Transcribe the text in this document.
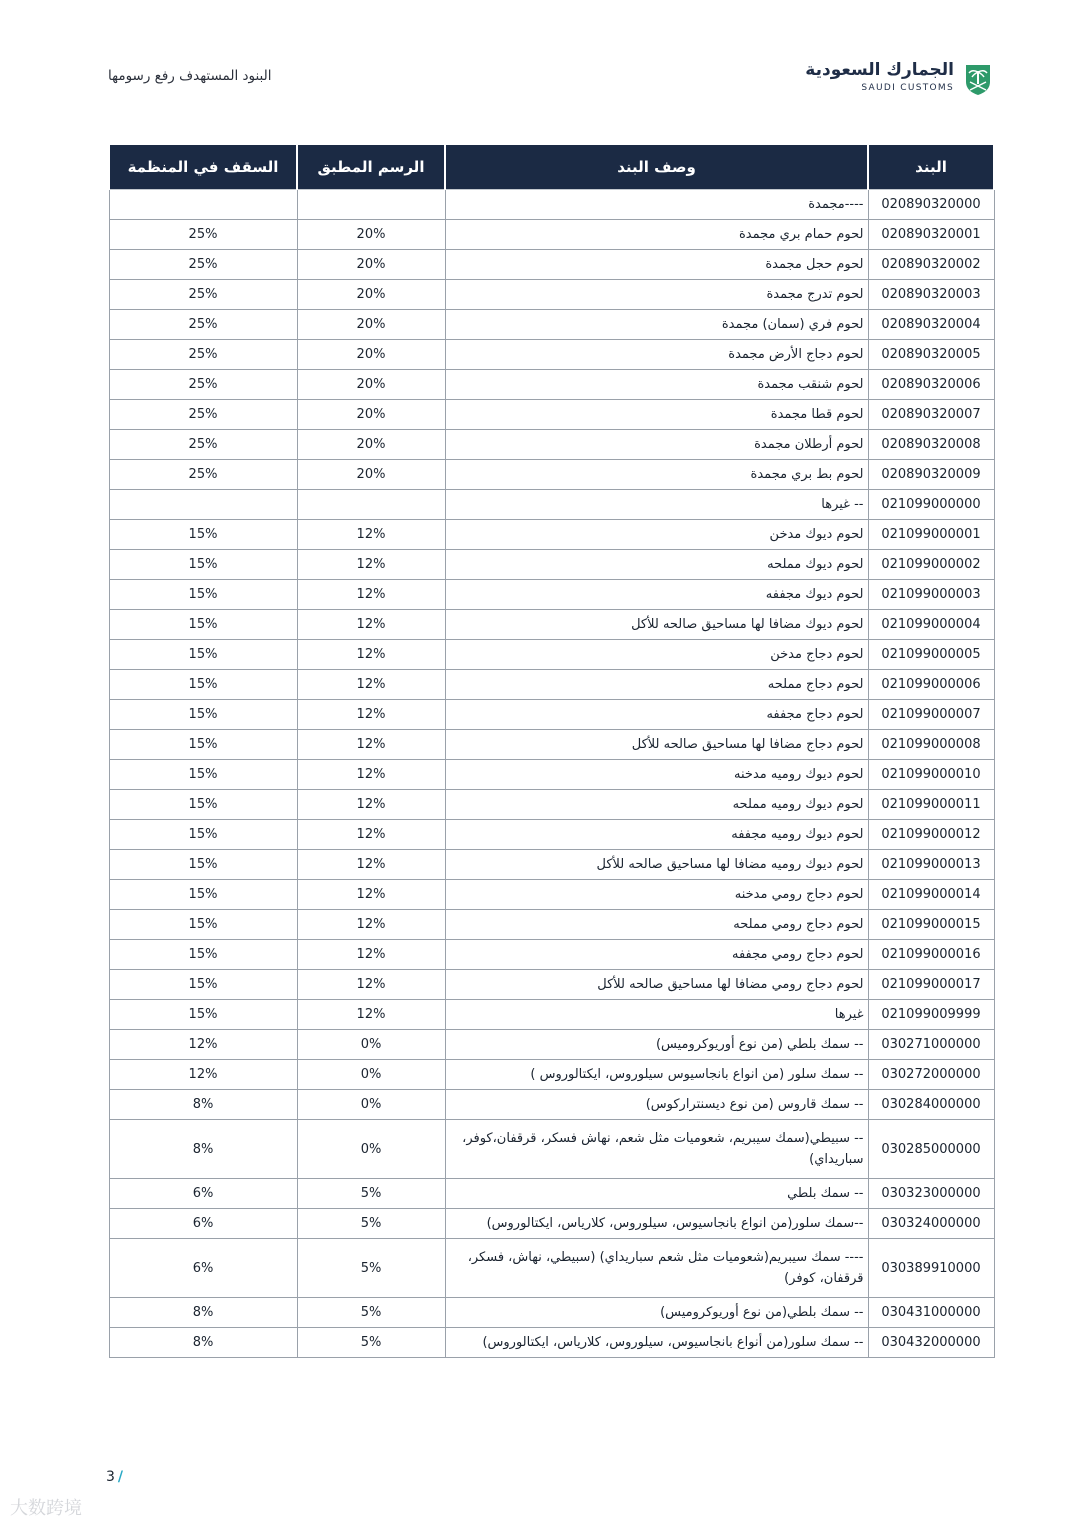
البنود المستهدف رفع رسومها	الجمارك السعودية
SAUDI CUSTOMS
البند	وصف البند	الرسم المطبق	السقف في المنظمة
020890320000	----مجمدة		
020890320001	لحوم حمام بري مجمدة	20%	25%
020890320002	لحوم حجل مجمدة	20%	25%
020890320003	لحوم تدرج مجمدة	20%	25%
020890320004	لحوم فري (سمان) مجمدة	20%	25%
020890320005	لحوم دجاج الأرض مجمدة	20%	25%
020890320006	لحوم شنقب مجمدة	20%	25%
020890320007	لحوم قطا مجمدة	20%	25%
020890320008	لحوم أرطلان مجمدة	20%	25%
020890320009	لحوم بط بري مجمدة	20%	25%
021099000000	-- غيرها		
021099000001	لحوم ديوك مدخن	12%	15%
021099000002	لحوم ديوك مملحه	12%	15%
021099000003	لحوم ديوك مجففه	12%	15%
021099000004	لحوم ديوك مضافا لها مساحيق صالحه للأكل	12%	15%
021099000005	لحوم دجاج مدخن	12%	15%
021099000006	لحوم دجاج مملحه	12%	15%
021099000007	لحوم دجاج مجففه	12%	15%
021099000008	لحوم دجاج مضافا لها مساحيق صالحه للأكل	12%	15%
021099000010	لحوم ديوك روميه مدخنه	12%	15%
021099000011	لحوم ديوك روميه مملحه	12%	15%
021099000012	لحوم ديوك روميه مجففه	12%	15%
021099000013	لحوم ديوك روميه مضافا لها مساحيق صالحه للأكل	12%	15%
021099000014	لحوم دجاج رومي مدخنه	12%	15%
021099000015	لحوم دجاج رومي مملحه	12%	15%
021099000016	لحوم دجاج رومي مجففه	12%	15%
021099000017	لحوم دجاج رومي مضافا لها مساحيق صالحه للأكل	12%	15%
021099009999	غيرها	12%	15%
030271000000	-- سمك بلطي (من نوع أوريوكروميس)	0%	12%
030272000000	-- سمك سلور (من انواع بانجاسيوس سيلوروس، ايكتالوروس )	0%	12%
030284000000	-- سمك قاروس (من نوع ديسنترارکوس)	0%	8%
030285000000	-- سبيطي(سمك سيبريم، شعوميات مثل شعم، نهاش فسكر، قرقفان،كوفر، سباريداي)	0%	8%
030323000000	-- سمك بلطي	5%	6%
030324000000	--سمك سلور(من انواع بانجاسيوس، سيلوروس، كلارياس، ايكتالوروس)	5%	6%
030389910000	---- سمك سيبريم(شعوميات مثل شعم سباريداي) (سبيطي، نهاش، فسكر، قرقفان، كوفر)	5%	6%
030431000000	-- سمك بلطي(من نوع أوريوكروميس)	5%	8%
030432000000	-- سمك سلور(من أنواع بانجاسيوس، سيلوروس، كلارياس، ايكتالوروس)	5%	8%
3 /
大数跨境
